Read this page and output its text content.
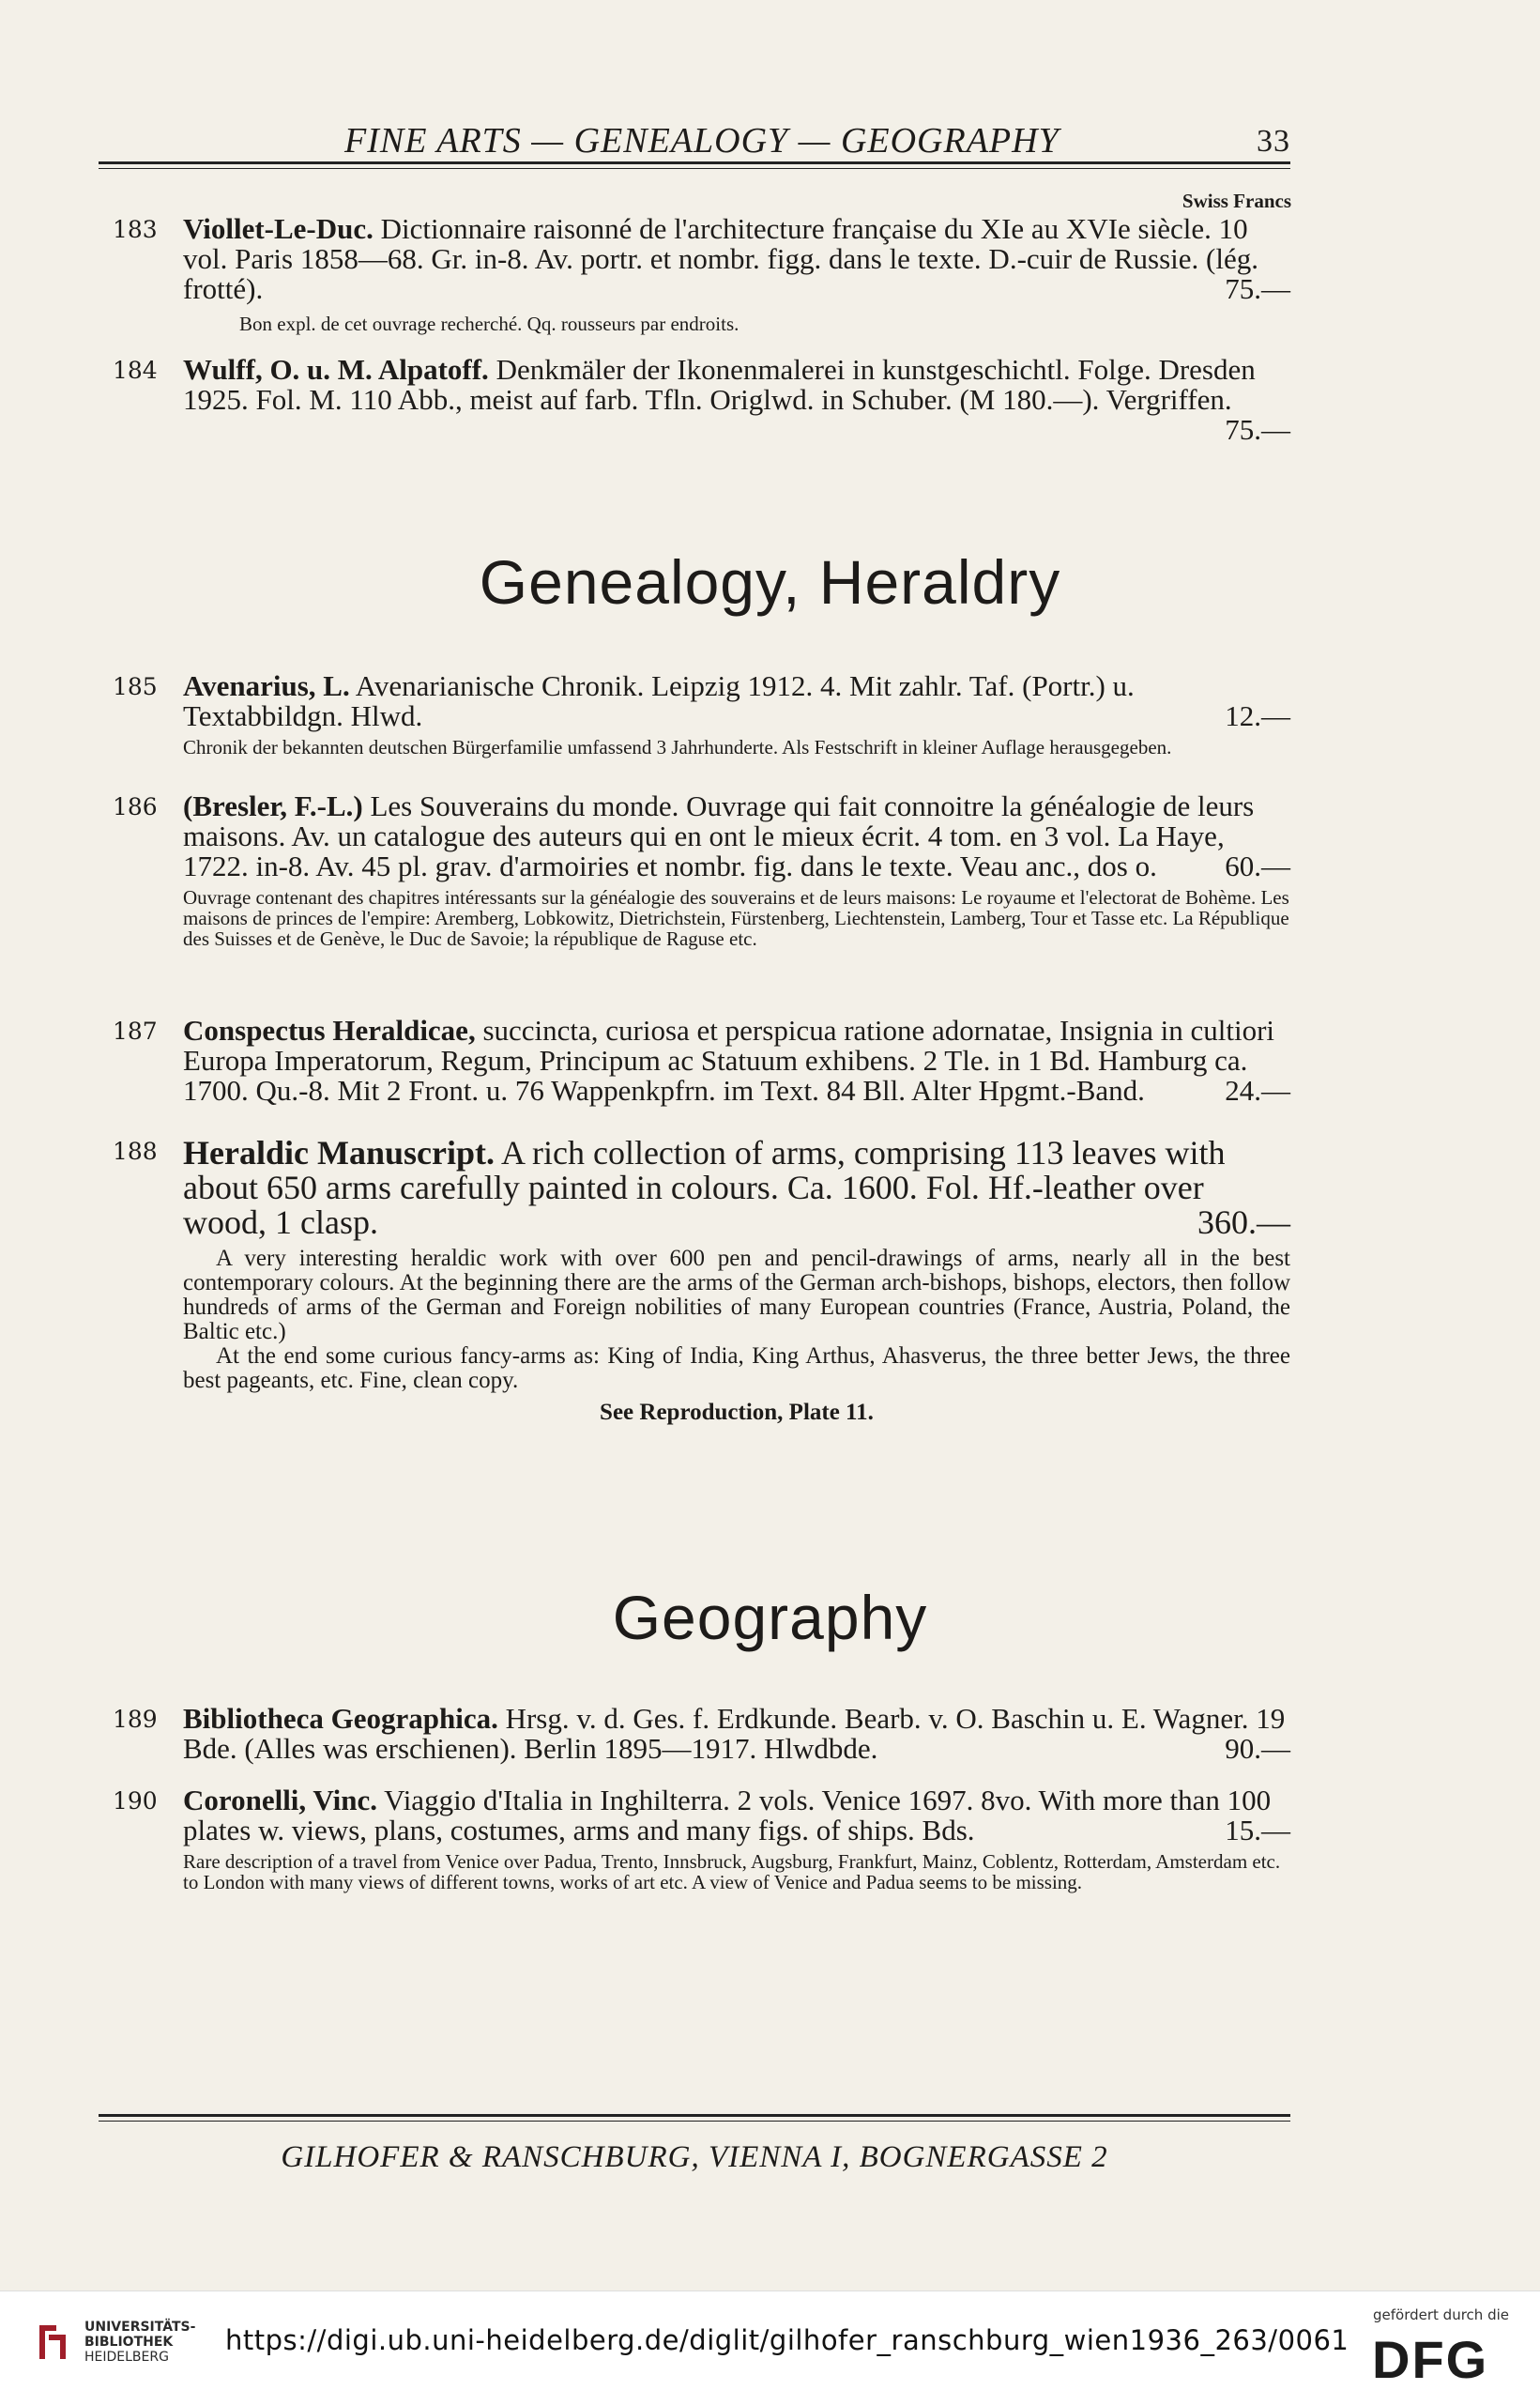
FINE ARTS — GENEALOGY — GEOGRAPHY	33
Swiss Francs
183 Viollet-Le-Duc. Dictionnaire raisonné de l'architecture française du XIe au XVIe siècle. 10 vol. Paris 1858—68. Gr. in-8. Av. portr. et nombr. figg. dans le texte. D.-cuir de Russie. (lég. frotté).	75.—
Bon expl. de cet ouvrage recherché. Qq. rousseurs par endroits.
184 Wulff, O. u. M. Alpatoff. Denkmäler der Ikonenmalerei in kunstgeschichtl. Folge. Dresden 1925. Fol. M. 110 Abb., meist auf farb. Tfln. Origlwd. in Schuber. (M 180.—). Vergriffen.
75.—
Genealogy, Heraldry
185 Avenarius, L. Avenarianische Chronik. Leipzig 1912. 4. Mit zahlr. Taf. (Portr.) u. Textabbildgn. Hlwd.	12.—
Chronik der bekannten deutschen Bürgerfamilie umfassend 3 Jahrhunderte. Als Festschrift in kleiner Auflage herausgegeben.
186 (Bresler, F.-L.) Les Souverains du monde. Ouvrage qui fait connoitre la généalogie de leurs maisons. Av. un catalogue des auteurs qui en ont le mieux écrit. 4 tom. en 3 vol. La Haye, 1722. in-8. Av. 45 pl. grav. d'armoiries et nombr. fig. dans le texte. Veau anc., dos o. 60.—
Ouvrage contenant des chapitres intéressants sur la généalogie des souverains et de leurs maisons: Le royaume et l'electorat de Bohème. Les maisons de princes de l'empire: Aremberg, Lobkowitz, Dietrichstein, Fürstenberg, Liechtenstein, Lamberg, Tour et Tasse etc. La République des Suisses et de Genève, le Duc de Savoie; la république de Raguse etc.
187 Conspectus Heraldicae, succincta, curiosa et perspicua ratione adornatae, Insignia in cultiori Europa Imperatorum, Regum, Principum ac Statuum exhibens. 2 Tle. in 1 Bd. Hamburg ca. 1700. Qu.-8. Mit 2 Front. u. 76 Wappenkpfrn. im Text. 84 Bll. Alter Hpgmt.-Band.	24.—
188 Heraldic Manuscript. A rich collection of arms, comprising 113 leaves with about 650 arms carefully painted in colours. Ca. 1600. Fol. Hf.-leather over wood, 1 clasp.	360.—

A very interesting heraldic work with over 600 pen and pencil-drawings of arms, nearly all in the best contemporary colours. At the beginning there are the arms of the German arch-bishops, bishops, electors, then follow hundreds of arms of the German and Foreign nobilities of many European countries (France, Austria, Poland, the Baltic etc.)

At the end some curious fancy-arms as: King of India, King Arthus, Ahasverus, the three better Jews, the three best pageants, etc. Fine, clean copy.

See Reproduction, Plate 11.

Geography
189 Bibliotheca Geographica. Hrsg. v. d. Ges. f. Erdkunde. Bearb. v. O. Baschin u. E. Wagner. 19 Bde. (Alles was erschienen). Berlin 1895—1917. Hlwdbde.	90.—
190 Coronelli, Vinc. Viaggio d'Italia in Inghilterra. 2 vols. Venice 1697. 8vo. With more than 100 plates w. views, plans, costumes, arms and many figs. of ships. Bds.	15.—
Rare description of a travel from Venice over Padua, Trento, Innsbruck, Augsburg, Frankfurt, Mainz, Coblentz, Rotterdam, Amsterdam etc. to London with many views of different towns, works of art etc. A view of Venice and Padua seems to be missing.
GILHOFER & RANSCHBURG, VIENNA I, BOGNERGASSE 2
UNIVERSITÄTS-
BIBLIOTHEK
HEIDELBERG
https://digi.ub.uni-heidelberg.de/diglit/gilhofer_ranschburg_wien1936_263/0061
gefördert durch die
DFG
